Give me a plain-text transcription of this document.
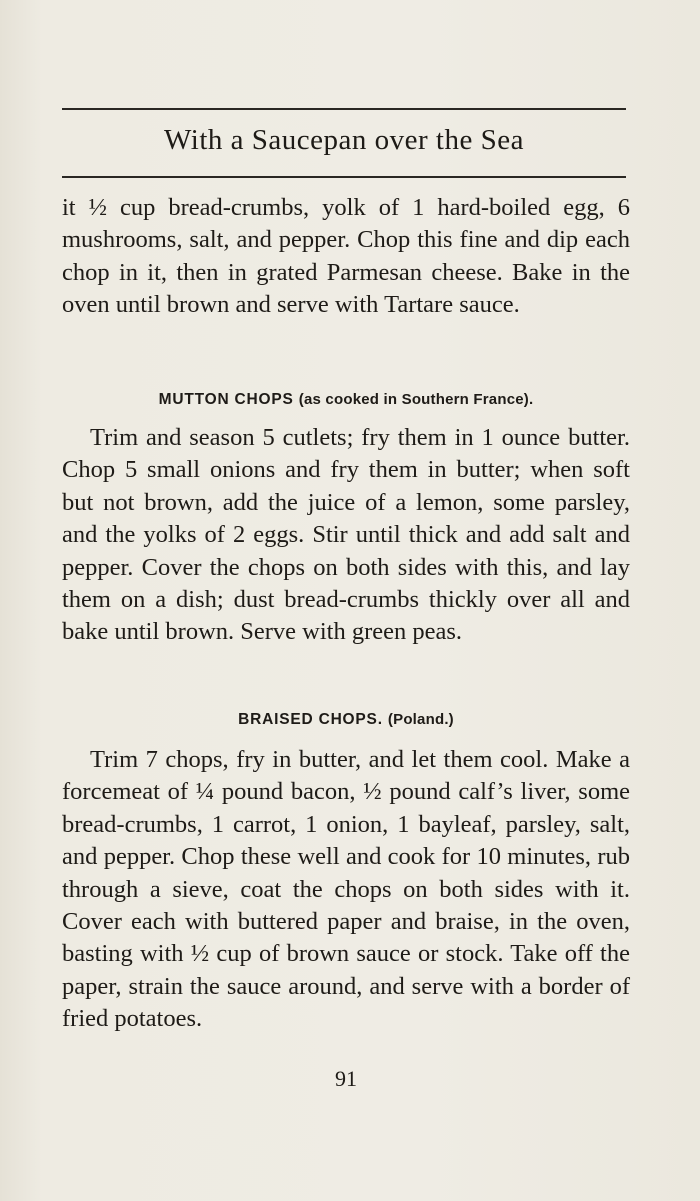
With a Saucepan over the Sea

it ½ cup bread-crumbs, yolk of 1 hard-boiled egg, 6 mushrooms, salt, and pepper. Chop this fine and dip each chop in it, then in grated Parmesan cheese. Bake in the oven until brown and serve with Tartare sauce.

MUTTON CHOPS (as cooked in Southern France).

Trim and season 5 cutlets; fry them in 1 ounce butter. Chop 5 small onions and fry them in butter; when soft but not brown, add the juice of a lemon, some parsley, and the yolks of 2 eggs. Stir until thick and add salt and pepper. Cover the chops on both sides with this, and lay them on a dish; dust bread-crumbs thickly over all and bake until brown. Serve with green peas.

BRAISED CHOPS. (Poland.)

Trim 7 chops, fry in butter, and let them cool. Make a forcemeat of ¼ pound bacon, ½ pound calf’s liver, some bread-crumbs, 1 carrot, 1 onion, 1 bayleaf, parsley, salt, and pepper. Chop these well and cook for 10 minutes, rub through a sieve, coat the chops on both sides with it. Cover each with buttered paper and braise, in the oven, basting with ½ cup of brown sauce or stock. Take off the paper, strain the sauce around, and serve with a border of fried potatoes.

91
